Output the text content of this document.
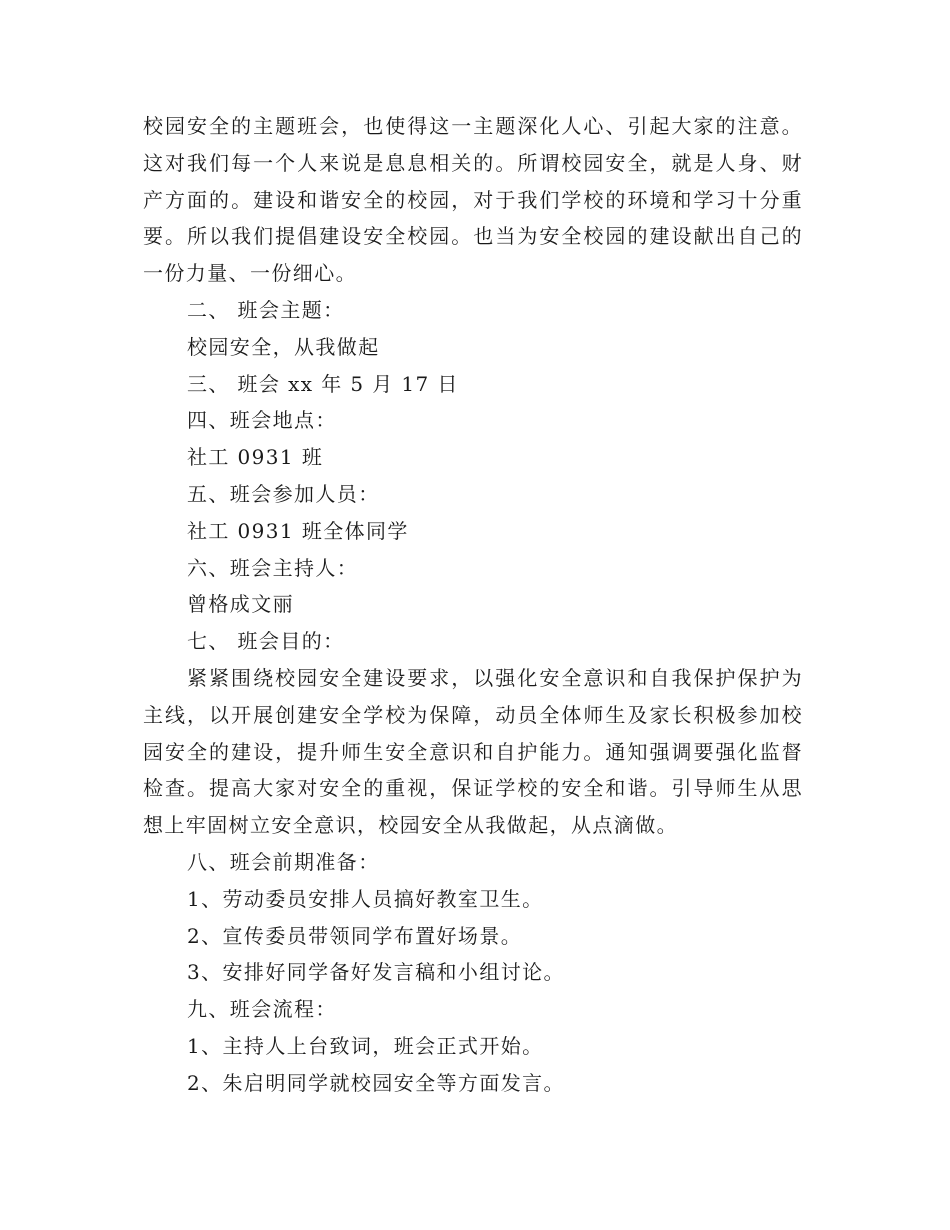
校园安全的主题班会，也使得这一主题深化人心、引起大家的注意。这对我们每一个人来说是息息相关的。所谓校园安全，就是人身、财产方面的。建设和谐安全的校园，对于我们学校的环境和学习十分重要。所以我们提倡建设安全校园。也当为安全校园的建设献出自己的一份力量、一份细心。

二、 班会主题：

校园安全，从我做起

三、 班会 xx 年 5 月 17 日

四、班会地点：

社工 0931 班

五、班会参加人员：

社工 0931 班全体同学

六、班会主持人：

曾格成文丽

七、 班会目的：

紧紧围绕校园安全建设要求，以强化安全意识和自我保护保护为主线，以开展创建安全学校为保障，动员全体师生及家长积极参加校园安全的建设，提升师生安全意识和自护能力。通知强调要强化监督检查。提高大家对安全的重视，保证学校的安全和谐。引导师生从思想上牢固树立安全意识，校园安全从我做起，从点滴做。

八、班会前期准备：

1、劳动委员安排人员搞好教室卫生。

2、宣传委员带领同学布置好场景。

3、安排好同学备好发言稿和小组讨论。

九、班会流程：

1、主持人上台致词，班会正式开始。

2、朱启明同学就校园安全等方面发言。
